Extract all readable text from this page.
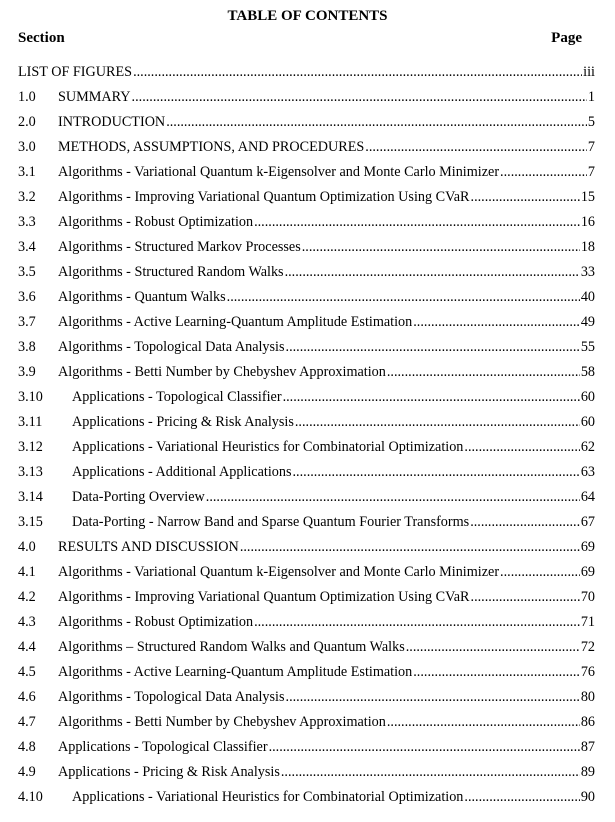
TABLE OF CONTENTS
Section	Page
LIST OF FIGURES .....	iii
1.0 SUMMARY .....	1
2.0 INTRODUCTION .....	5
3.0 METHODS, ASSUMPTIONS, AND PROCEDURES .....	7
3.1 Algorithms - Variational Quantum k-Eigensolver and Monte Carlo Minimizer .....	7
3.2 Algorithms - Improving Variational Quantum Optimization Using CVaR .....	15
3.3 Algorithms - Robust Optimization .....	16
3.4 Algorithms - Structured Markov Processes .....	18
3.5 Algorithms - Structured Random Walks .....	33
3.6 Algorithms - Quantum Walks .....	40
3.7 Algorithms - Active Learning-Quantum Amplitude Estimation .....	49
3.8 Algorithms - Topological Data Analysis .....	55
3.9 Algorithms - Betti Number by Chebyshev Approximation .....	58
3.10 Applications - Topological Classifier .....	60
3.11 Applications - Pricing & Risk Analysis .....	60
3.12 Applications - Variational Heuristics for Combinatorial Optimization .....	62
3.13 Applications - Additional Applications .....	63
3.14 Data-Porting Overview .....	64
3.15 Data-Porting - Narrow Band and Sparse Quantum Fourier Transforms .....	67
4.0 RESULTS AND DISCUSSION .....	69
4.1 Algorithms - Variational Quantum k-Eigensolver and Monte Carlo Minimizer .....	69
4.2 Algorithms - Improving Variational Quantum Optimization Using CVaR .....	70
4.3 Algorithms - Robust Optimization .....	71
4.4 Algorithms – Structured Random Walks and Quantum Walks .....	72
4.5 Algorithms - Active Learning-Quantum Amplitude Estimation .....	76
4.6 Algorithms - Topological Data Analysis .....	80
4.7 Algorithms - Betti Number by Chebyshev Approximation .....	86
4.8 Applications - Topological Classifier .....	87
4.9 Applications - Pricing & Risk Analysis .....	89
4.10 Applications - Variational Heuristics for Combinatorial Optimization .....	90
